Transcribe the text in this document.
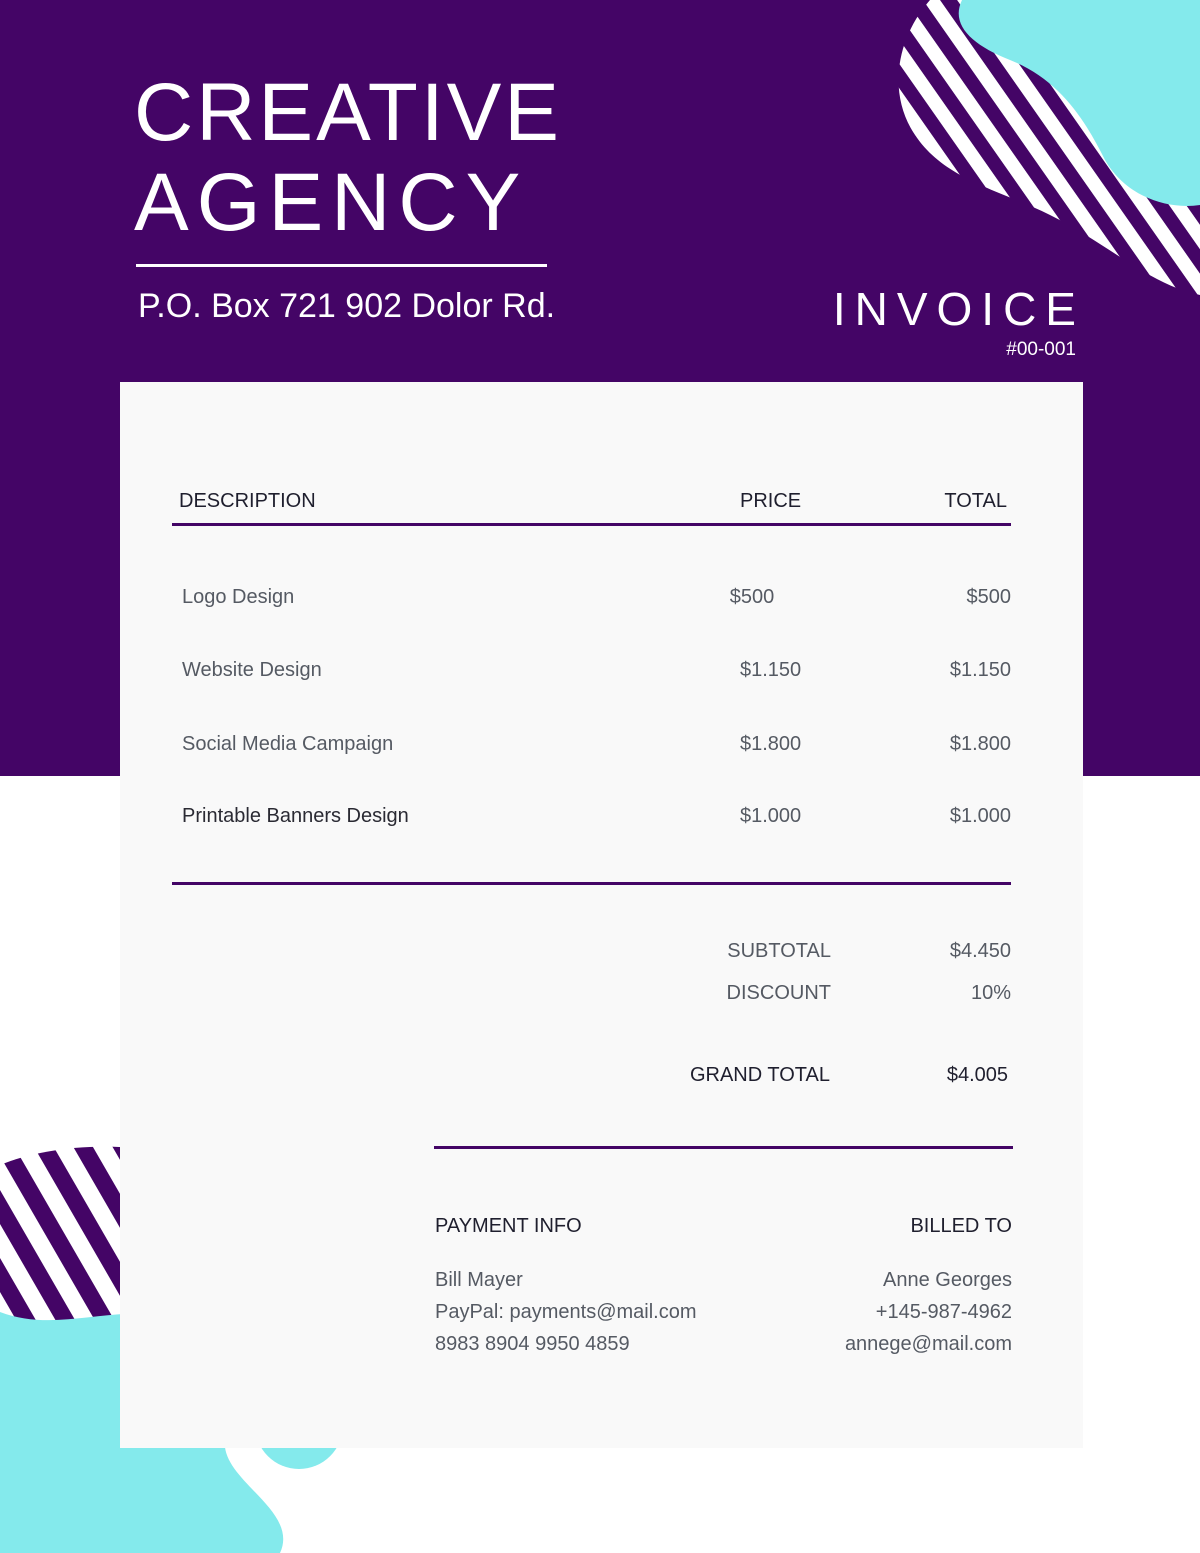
CREATIVE
AGENCY
P.O. Box 721 902 Dolor Rd.	INVOICE
#00-001
DESCRIPTION	PRICE	TOTAL
Logo Design	$500	$500
Website Design	$1.150	$1.150
Social Media Campaign	$1.800	$1.800
Printable Banners Design	$1.000	$1.000
SUBTOTAL	$4.450
DISCOUNT	10%
GRAND TOTAL	$4.005
PAYMENT INFO
Bill Mayer
PayPal: payments@mail.com
8983 8904 9950 4859
BILLED TO
Anne Georges
+145-987-4962
annege@mail.com
